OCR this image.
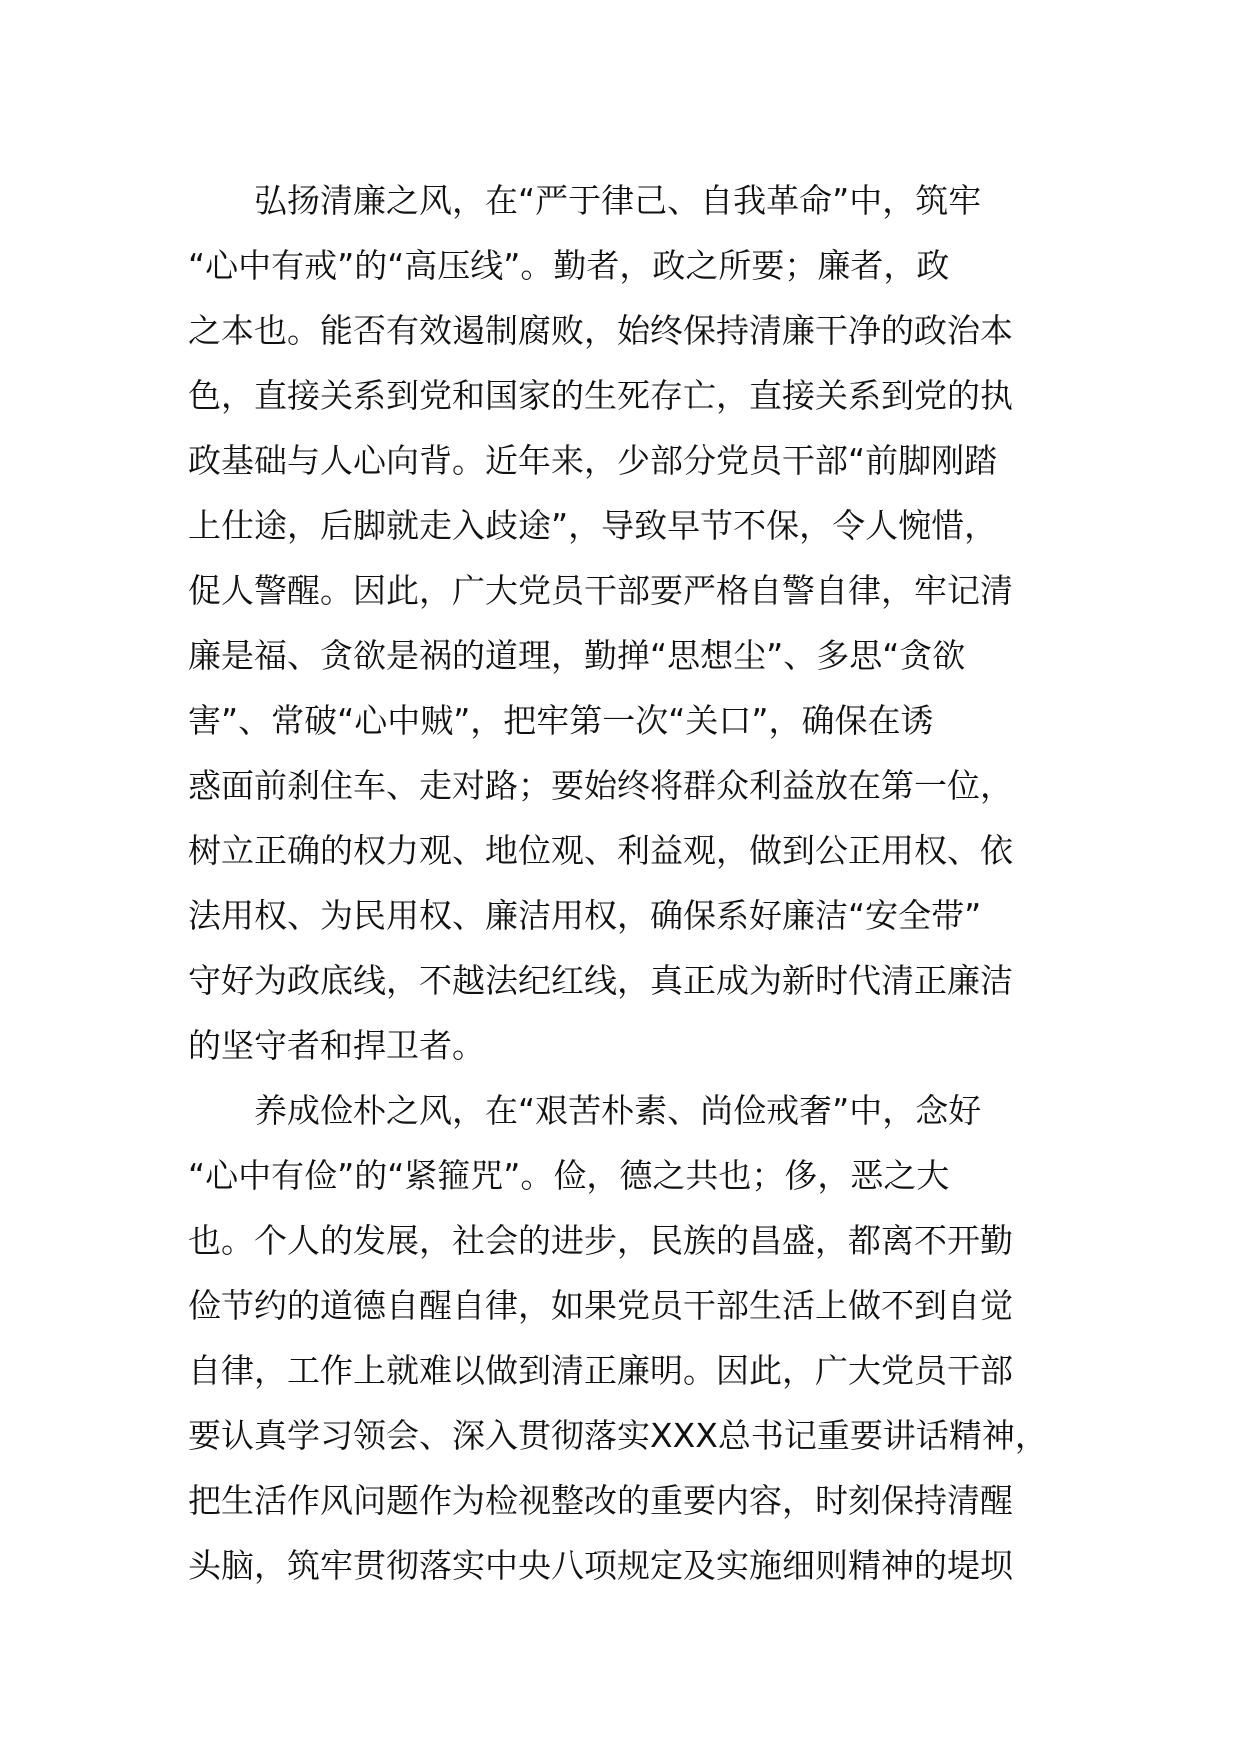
弘扬清廉之风，在“严于律己、自我革命”中，筑牢
“心中有戒”的“高压线”。勤者，政之所要；廉者，政
之本也。能否有效遏制腐败，始终保持清廉干净的政治本
色，直接关系到党和国家的生死存亡，直接关系到党的执
政基础与人心向背。近年来，少部分党员干部“前脚刚踏
上仕途，后脚就走入歧途”，导致早节不保，令人惋惜，
促人警醒。因此，广大党员干部要严格自警自律，牢记清
廉是福、贪欲是祸的道理，勤掸“思想尘”、多思“贪欲
害”、常破“心中贼”，把牢第一次“关口”，确保在诱
惑面前刹住车、走对路；要始终将群众利益放在第一位，
树立正确的权力观、地位观、利益观，做到公正用权、依
法用权、为民用权、廉洁用权，确保系好廉洁“安全带”
守好为政底线，不越法纪红线，真正成为新时代清正廉洁
的坚守者和捍卫者。

养成俭朴之风，在“艰苦朴素、尚俭戒奢”中，念好
“心中有俭”的“紧箍咒”。俭，德之共也；侈，恶之大
也。个人的发展，社会的进步，民族的昌盛，都离不开勤
俭节约的道德自醒自律，如果党员干部生活上做不到自觉
自律，工作上就难以做到清正廉明。因此，广大党员干部
要认真学习领会、深入贯彻落实XXX总书记重要讲话精神，
把生活作风问题作为检视整改的重要内容，时刻保持清醒
头脑，筑牢贯彻落实中央八项规定及实施细则精神的堤坝
